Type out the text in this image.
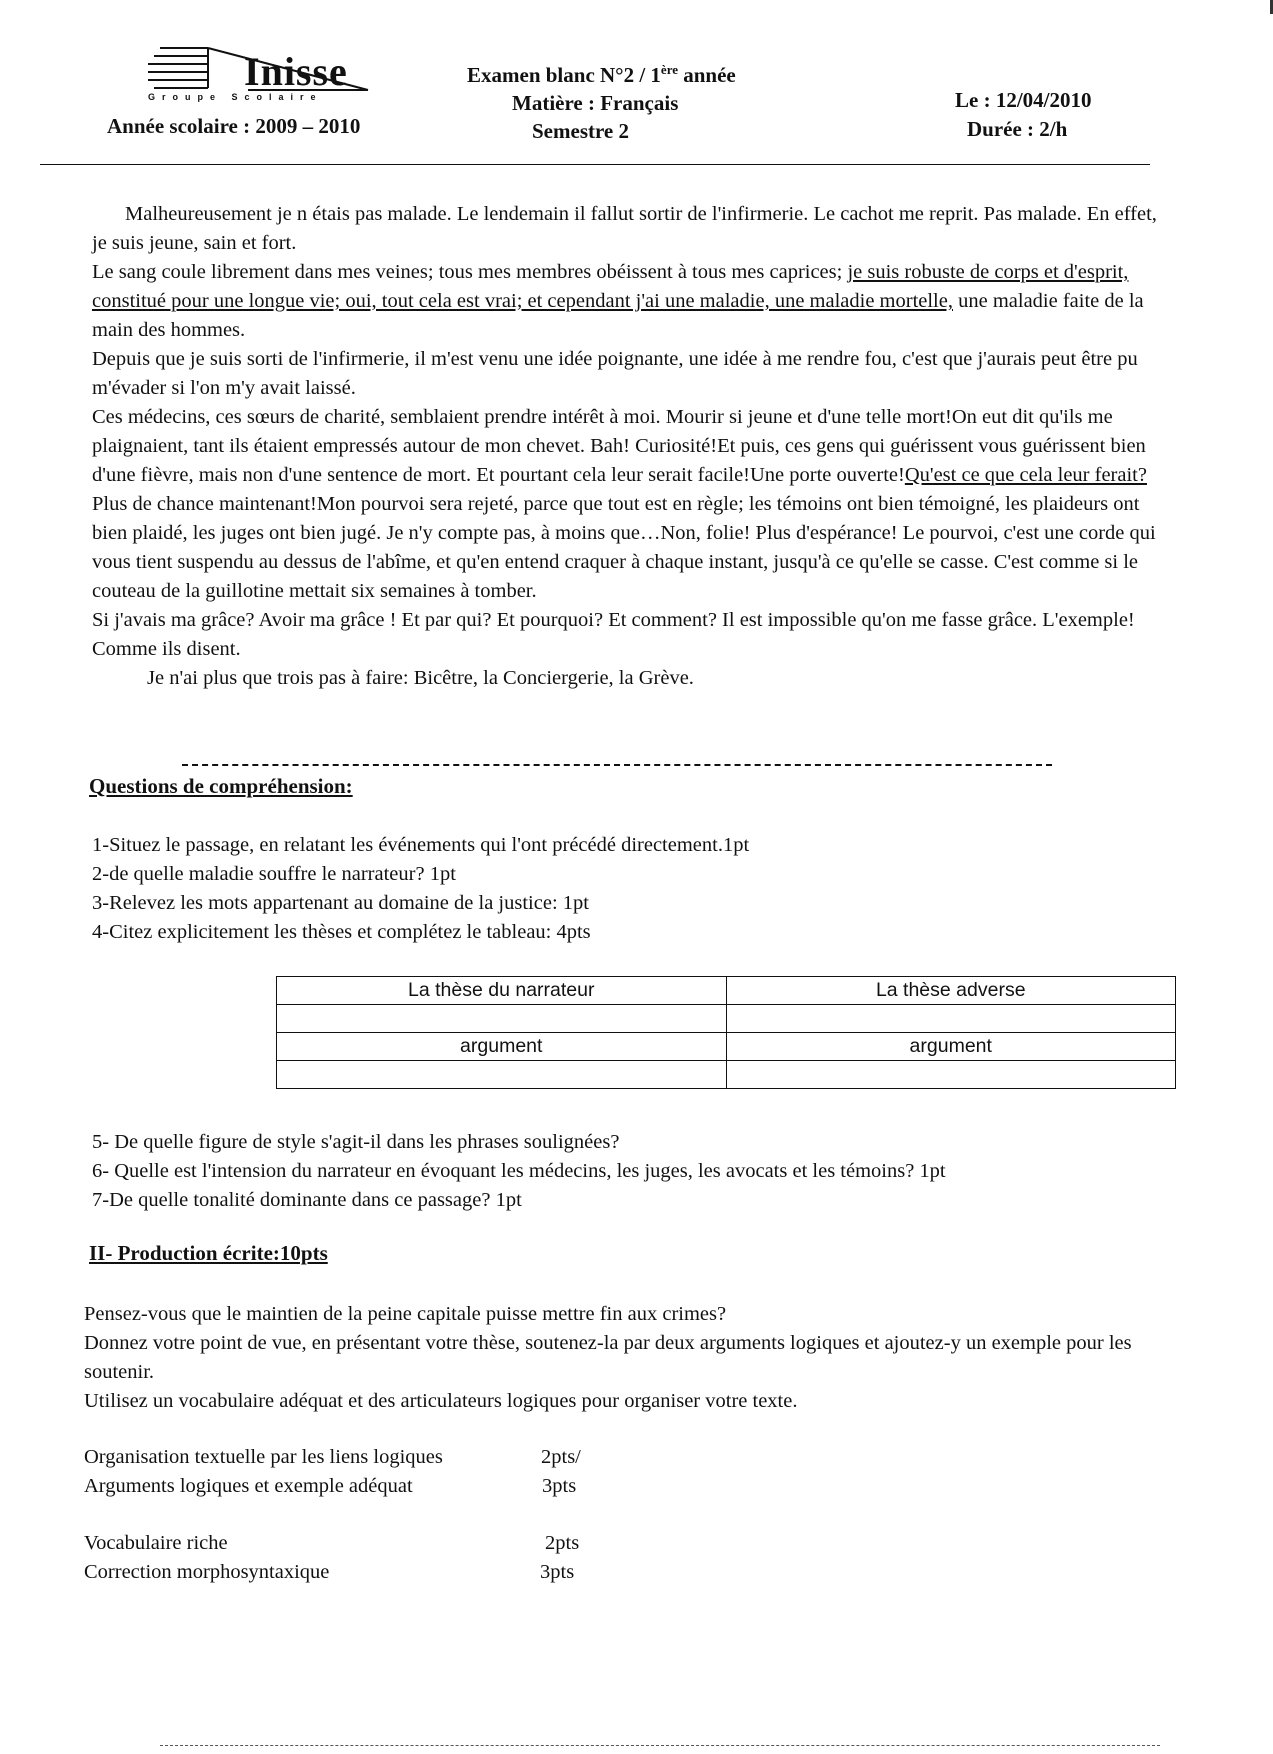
Inisse
Groupe Scolaire
Année scolaire : 2009 – 2010
Examen blanc N°2 / 1ère année
Matière : Français
Semestre 2
Le : 12/04/2010
Durée : 2/h

Malheureusement je n étais pas malade. Le lendemain il fallut sortir de l'infirmerie. Le cachot me reprit. Pas malade. En effet, je suis jeune, sain et fort.

Le sang coule librement dans mes veines; tous mes membres obéissent à tous mes caprices; je suis robuste de corps et d'esprit, constitué pour une longue vie; oui, tout cela est vrai; et cependant j'ai une maladie, une maladie mortelle, une maladie faite de la main des hommes.

Depuis que je suis sorti de l'infirmerie, il m'est venu une idée poignante, une idée à me rendre fou, c'est que j'aurais peut être pu m'évader si l'on m'y avait laissé.

Ces médecins, ces sœurs de charité, semblaient prendre intérêt à moi. Mourir si jeune et d'une telle mort!On eut dit qu'ils me plaignaient, tant ils étaient empressés autour de mon chevet. Bah! Curiosité!Et puis, ces gens qui guérissent vous guérissent bien d'une fièvre, mais non d'une sentence de mort. Et pourtant cela leur serait facile!Une porte ouverte!Qu'est ce que cela leur ferait?

Plus de chance maintenant!Mon pourvoi sera rejeté, parce que tout est en règle; les témoins ont bien témoigné, les plaideurs ont bien plaidé, les juges ont bien jugé. Je n'y compte pas, à moins que…Non, folie! Plus d'espérance! Le pourvoi, c'est une corde qui vous tient suspendu au dessus de l'abîme, et qu'en entend craquer à chaque instant, jusqu'à ce qu'elle se casse. C'est comme si le couteau de la guillotine mettait six semaines à tomber.

Si j'avais ma grâce? Avoir ma grâce ! Et par qui? Et pourquoi? Et comment? Il est impossible qu'on me fasse grâce. L'exemple! Comme ils disent.

Je n'ai plus que trois pas à faire: Bicêtre, la Conciergerie, la Grève.

Questions de compréhension:

1-Situez le passage, en relatant les événements qui l'ont précédé directement.1pt

2-de quelle maladie souffre le narrateur? 1pt

3-Relevez les mots appartenant au domaine de la justice: 1pt

4-Citez explicitement les thèses et complétez le tableau: 4pts

La thèse du narrateur	La thèse adverse

argument	argument

5- De quelle figure de style s'agit-il dans les phrases soulignées?

6- Quelle est l'intension du narrateur en évoquant les médecins, les juges, les avocats et les témoins? 1pt

7-De quelle tonalité dominante dans ce passage? 1pt

II- Production écrite:10pts

Pensez-vous que le maintien de la peine capitale puisse mettre fin aux crimes?

Donnez votre point de vue, en présentant votre thèse, soutenez-la par deux arguments logiques et ajoutez-y un exemple pour les soutenir.

Utilisez un vocabulaire adéquat et des articulateurs logiques pour organiser votre texte.

Organisation textuelle par les liens logiques	2pts/
Arguments logiques et exemple adéquat	3pts
Vocabulaire riche	2pts
Correction morphosyntaxique	3pts
